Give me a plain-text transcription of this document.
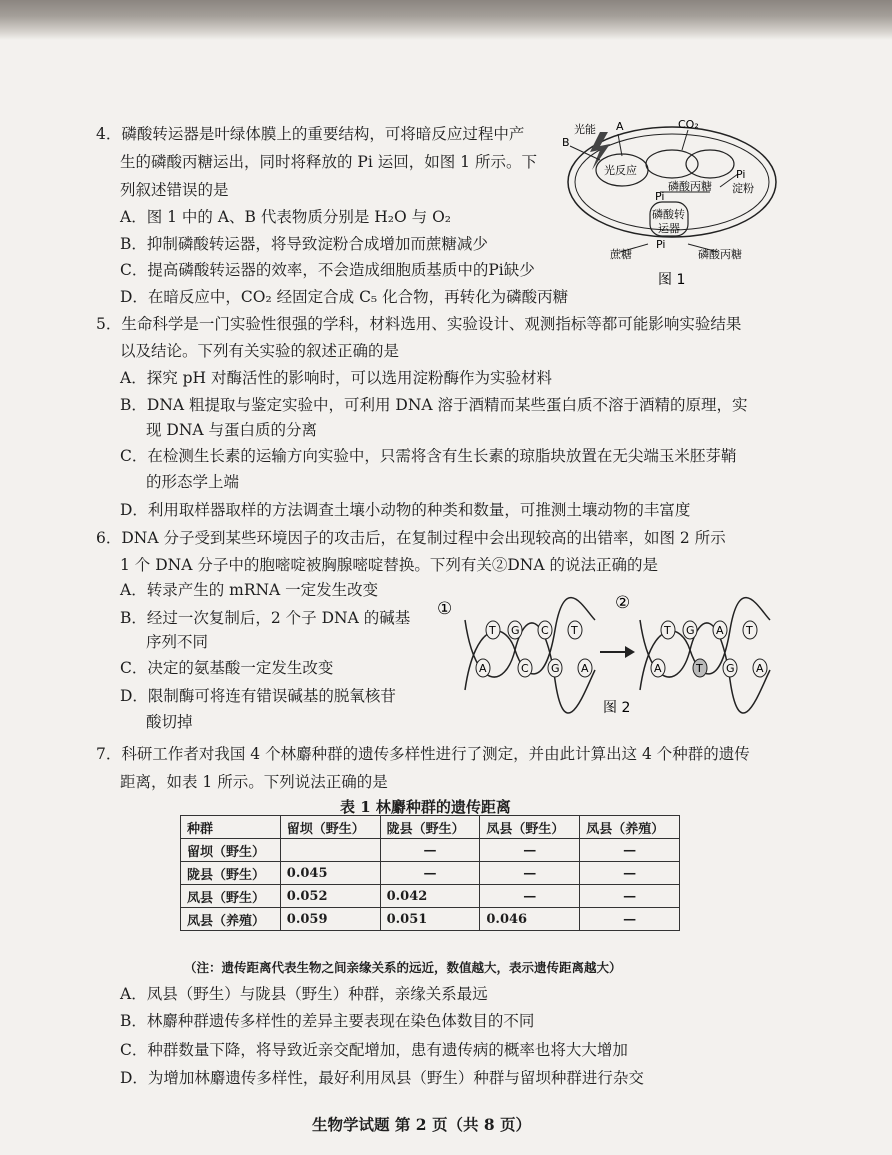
4．磷酸转运器是叶绿体膜上的重要结构，可将暗反应过程中产
生的磷酸丙糖运出，同时将释放的 Pi 运回，如图 1 所示。下
列叙述错误的是
A．图 1 中的 A、B 代表物质分别是 H₂O 与 O₂
B．抑制磷酸转运器，将导致淀粉合成增加而蔗糖减少
C．提高磷酸转运器的效率，不会造成细胞质基质中的Pi缺少
D．在暗反应中，CO₂ 经固定合成 C₅ 化合物，再转化为磷酸丙糖
光能 A
B
CO₂
光反应	Pi
淀粉
磷酸丙糖
Pi
磷酸转
运器
Pi
蔗糖	磷酸丙糖
图 1
5．生命科学是一门实验性很强的学科，材料选用、实验设计、观测指标等都可能影响实验结果
以及结论。下列有关实验的叙述正确的是
A．探究 pH 对酶活性的影响时，可以选用淀粉酶作为实验材料
B．DNA 粗提取与鉴定实验中，可利用 DNA 溶于酒精而某些蛋白质不溶于酒精的原理，实
现 DNA 与蛋白质的分离
C．在检测生长素的运输方向实验中，只需将含有生长素的琼脂块放置在无尖端玉米胚芽鞘
的形态学上端
D．利用取样器取样的方法调查土壤小动物的种类和数量，可推测土壤动物的丰富度
6．DNA 分子受到某些环境因子的攻击后，在复制过程中会出现较高的出错率，如图 2 所示
1 个 DNA 分子中的胞嘧啶被胸腺嘧啶替换。下列有关②DNA 的说法正确的是
A．转录产生的 mRNA 一定发生改变
B．经过一次复制后，2 个子 DNA 的碱基
序列不同
C．决定的氨基酸一定发生改变
D．限制酶可将连有错误碱基的脱氧核苷
酸切掉
①	②
T
A
G
C
C
G
T
A
T
A
G
T
A
G
T
A
图 2
7．科研工作者对我国 4 个林麝种群的遗传多样性进行了测定，并由此计算出这 4 个种群的遗传
距离，如表 1 所示。下列说法正确的是
表 1 林麝种群的遗传距离
种群	留坝（野生）	陇县（野生）	凤县（野生）	凤县（养殖）
留坝（野生）		—	—	—
陇县（野生）	0.045	—	—	—
凤县（野生）	0.052	0.042	—	—
凤县（养殖）	0.059	0.051	0.046	—
（注：遗传距离代表生物之间亲缘关系的远近，数值越大，表示遗传距离越大）
A．凤县（野生）与陇县（野生）种群，亲缘关系最远
B．林麝种群遗传多样性的差异主要表现在染色体数目的不同
C．种群数量下降，将导致近亲交配增加，患有遗传病的概率也将大大增加
D．为增加林麝遗传多样性，最好利用凤县（野生）种群与留坝种群进行杂交
生物学试题 第 2 页（共 8 页）
